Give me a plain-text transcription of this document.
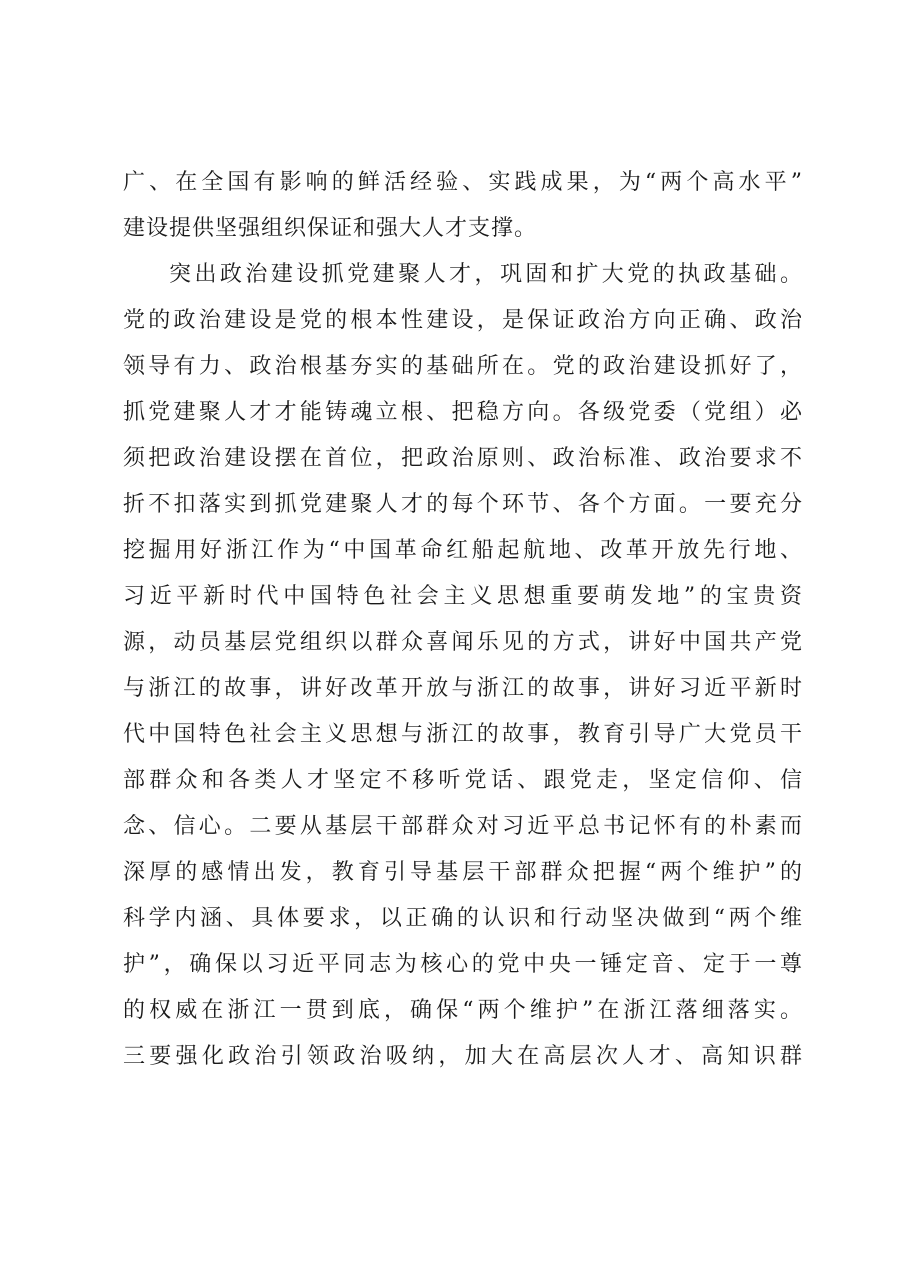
广、在全国有影响的鲜活经验、实践成果，为“两个高水平”
建设提供坚强组织保证和强大人才支撑。
突出政治建设抓党建聚人才，巩固和扩大党的执政基础。
党的政治建设是党的根本性建设，是保证政治方向正确、政治
领导有力、政治根基夯实的基础所在。党的政治建设抓好了，
抓党建聚人才才能铸魂立根、把稳方向。各级党委（党组）必
须把政治建设摆在首位，把政治原则、政治标准、政治要求不
折不扣落实到抓党建聚人才的每个环节、各个方面。一要充分
挖掘用好浙江作为“中国革命红船起航地、改革开放先行地、
习近平新时代中国特色社会主义思想重要萌发地”的宝贵资
源，动员基层党组织以群众喜闻乐见的方式，讲好中国共产党
与浙江的故事，讲好改革开放与浙江的故事，讲好习近平新时
代中国特色社会主义思想与浙江的故事，教育引导广大党员干
部群众和各类人才坚定不移听党话、跟党走，坚定信仰、信
念、信心。二要从基层干部群众对习近平总书记怀有的朴素而
深厚的感情出发，教育引导基层干部群众把握“两个维护”的
科学内涵、具体要求，以正确的认识和行动坚决做到“两个维
护”，确保以习近平同志为核心的党中央一锤定音、定于一尊
的权威在浙江一贯到底，确保“两个维护”在浙江落细落实。
三要强化政治引领政治吸纳，加大在高层次人才、高知识群
